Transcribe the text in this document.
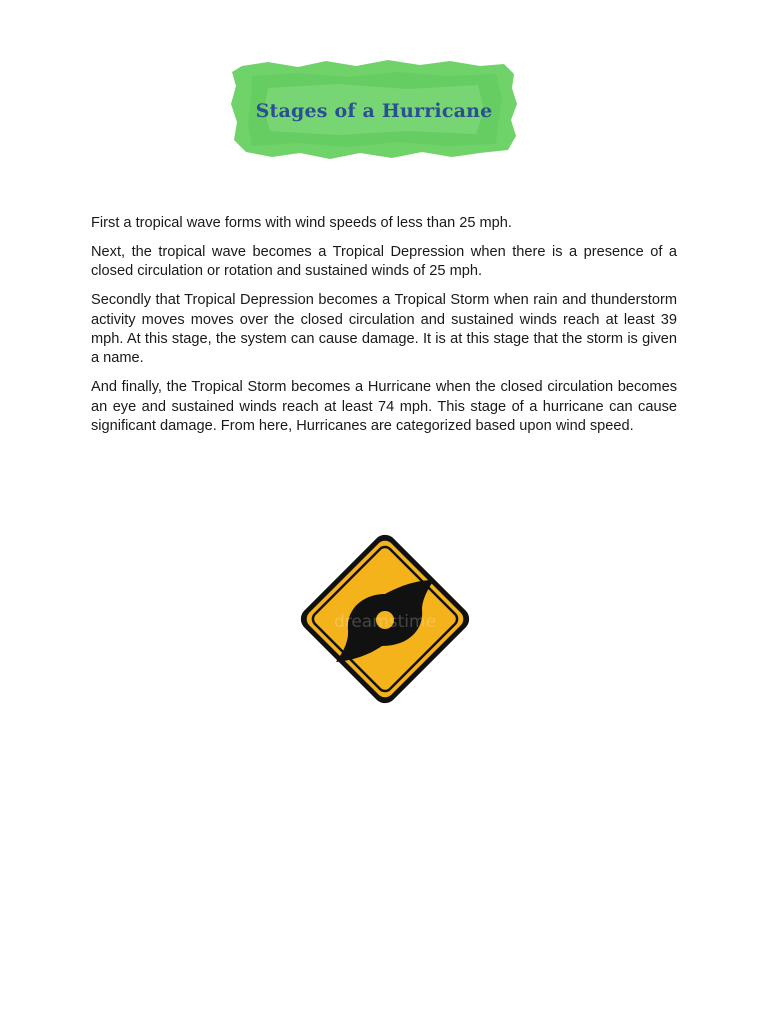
Stages of a Hurricane

First a tropical wave forms with wind speeds of less than 25 mph.

Next, the tropical wave becomes a Tropical Depression when there is a presence of a closed circulation or rotation and sustained winds of 25 mph.

Secondly that Tropical Depression becomes a Tropical Storm when rain and thunderstorm activity moves moves over the closed circulation and sustained winds reach at least 39 mph. At this stage, the system can cause damage. It is at this stage that the storm is given a name.

And finally, the Tropical Storm becomes a Hurricane when the closed circulation becomes an eye and sustained winds reach at least 74 mph. This stage of a hurricane can cause significant damage. From here, Hurricanes are categorized based upon wind speed.

dreamstime
